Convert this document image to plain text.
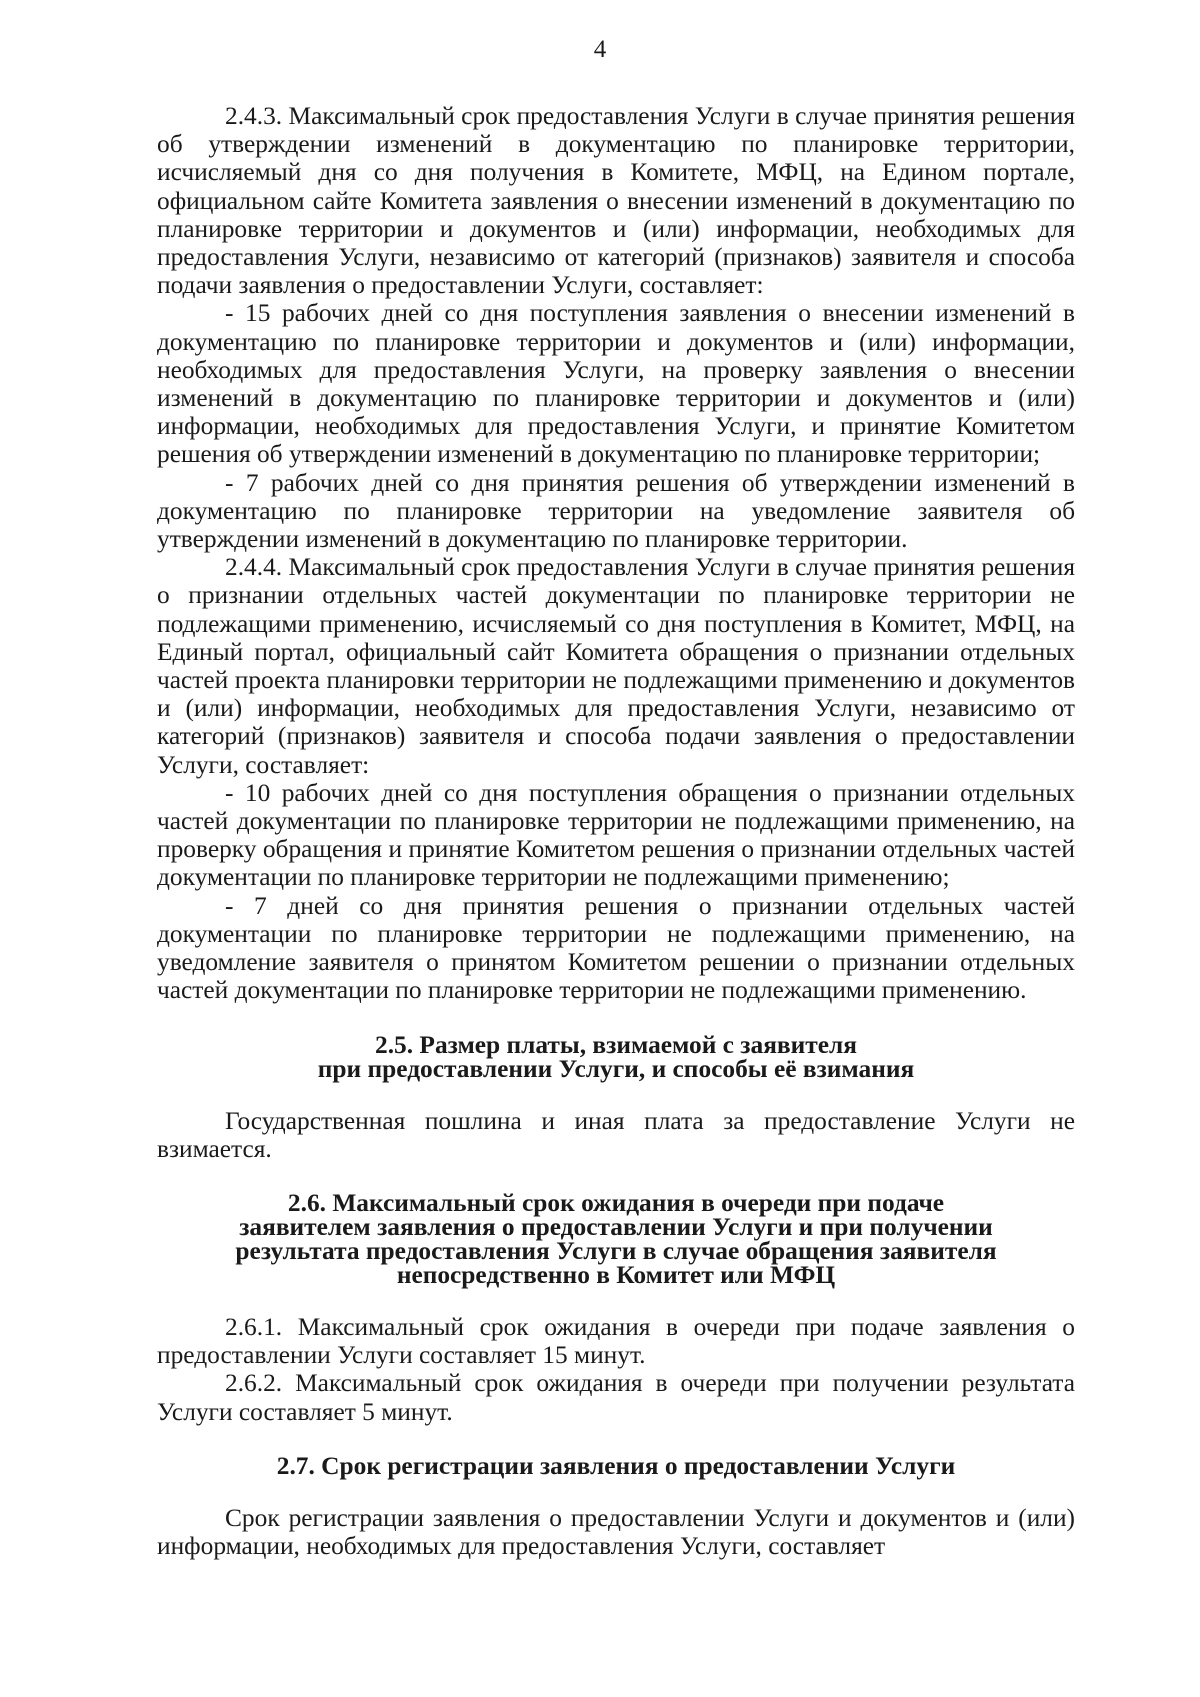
4

2.4.3. Максимальный срок предоставления Услуги в случае принятия решения об утверждении изменений в документацию по планировке территории, исчисляемый дня со дня получения в Комитете, МФЦ, на Едином портале, официальном сайте Комитета заявления о внесении изменений в документацию по планировке территории и документов и (или) информации, необходимых для предоставления Услуги, независимо от категорий (признаков) заявителя и способа подачи заявления о предоставлении Услуги, составляет:

- 15 рабочих дней со дня поступления заявления о внесении изменений в документацию по планировке территории и документов и (или) информации, необходимых для предоставления Услуги, на проверку заявления о внесении изменений в документацию по планировке территории и документов и (или) информации, необходимых для предоставления Услуги, и принятие Комитетом решения об утверждении изменений в документацию по планировке территории;

- 7 рабочих дней со дня принятия решения об утверждении изменений в документацию по планировке территории на уведомление заявителя об утверждении изменений в документацию по планировке территории.

2.4.4. Максимальный срок предоставления Услуги в случае принятия решения о признании отдельных частей документации по планировке территории не подлежащими применению, исчисляемый со дня поступления в Комитет, МФЦ, на Единый портал, официальный сайт Комитета обращения о признании отдельных частей проекта планировки территории не подлежащими применению и документов и (или) информации, необходимых для предоставления Услуги, независимо от категорий (признаков) заявителя и способа подачи заявления о предоставлении Услуги, составляет:

- 10 рабочих дней со дня поступления обращения о признании отдельных частей документации по планировке территории не подлежащими применению, на проверку обращения и принятие Комитетом решения о признании отдельных частей документации по планировке территории не подлежащими применению;

- 7 дней со дня принятия решения о признании отдельных частей документации по планировке территории не подлежащими применению, на уведомление заявителя о принятом Комитетом решении о признании отдельных частей документации по планировке территории не подлежащими применению.

2.5. Размер платы, взимаемой с заявителя
при предоставлении Услуги, и способы её взимания

Государственная пошлина и иная плата за предоставление Услуги не взимается.

2.6. Максимальный срок ожидания в очереди при подаче
заявителем заявления о предоставлении Услуги и при получении
результата предоставления Услуги в случае обращения заявителя
непосредственно в Комитет или МФЦ

2.6.1. Максимальный срок ожидания в очереди при подаче заявления о предоставлении Услуги составляет 15 минут.

2.6.2. Максимальный срок ожидания в очереди при получении результата Услуги составляет 5 минут.

2.7. Срок регистрации заявления о предоставлении Услуги

Срок регистрации заявления о предоставлении Услуги и документов и (или) информации, необходимых для предоставления Услуги, составляет
